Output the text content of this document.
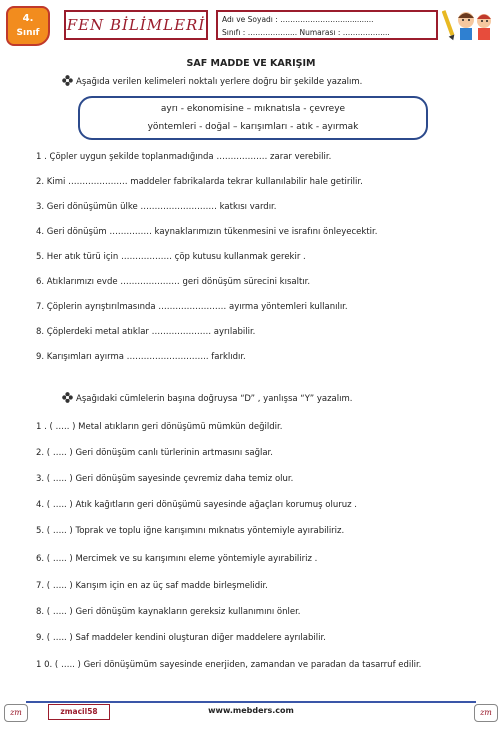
4.
Sınıf	FEN BİLİMLERİ	Adı ve Soyadı : ……………………..............
Sınıfı : ……………..... Numarası : ……………....
SAF MADDE VE KARIŞIM
Aşağıda verilen kelimeleri noktalı yerlere doğru bir şekilde yazalım.
ayrı - ekonomisine – mıknatısla - çevreye
yöntemleri - doğal – karışımları - atık - ayırmak
1 . Çöpler uygun şekilde toplanmadığında ……………… zarar verebilir.
2. Kimi ………………… maddeler fabrikalarda tekrar kullanılabilir hale getirilir.
3. Geri dönüşümün ülke ……………………… katkısı vardır.
4. Geri dönüşüm …………… kaynaklarımızın tükenmesini ve israfını önleyecektir.
5. Her atık türü için ……………… çöp kutusu kullanmak gerekir .
6. Atıklarımızı evde ………………… geri dönüşüm sürecini kısaltır.
7. Çöplerin ayrıştırılmasında …………………… ayırma yöntemleri kullanılır.
8. Çöplerdeki metal atıklar ………………… ayrılabilir.
9. Karışımları ayırma ……………………….. farklıdır.
Aşağıdaki cümlelerin başına doğruysa “D” , yanlışsa “Y” yazalım.
1 . ( ….. ) Metal atıkların geri dönüşümü mümkün değildir.
2. ( ….. ) Geri dönüşüm canlı türlerinin artmasını sağlar.
3. ( ….. ) Geri dönüşüm sayesinde çevremiz daha temiz olur.
4. ( ….. ) Atık kağıtların geri dönüşümü sayesinde ağaçları korumuş oluruz .
5. ( ….. ) Toprak ve toplu iğne karışımını mıknatıs yöntemiyle ayırabiliriz.
6. ( ….. ) Mercimek ve su karışımını eleme yöntemiyle ayırabiliriz .
7. ( ….. ) Karışım için en az üç saf madde birleşmelidir.
8. ( ….. ) Geri dönüşüm kaynakların gereksiz kullanımını önler.
9. ( ….. ) Saf maddeler kendini oluşturan diğer maddelere ayrılabilir.
1 0. ( ….. ) Geri dönüşümüm sayesinde enerjiden, zamandan ve paradan da tasarruf edilir.
zm	zmacil58	www.mebders.com	zm
